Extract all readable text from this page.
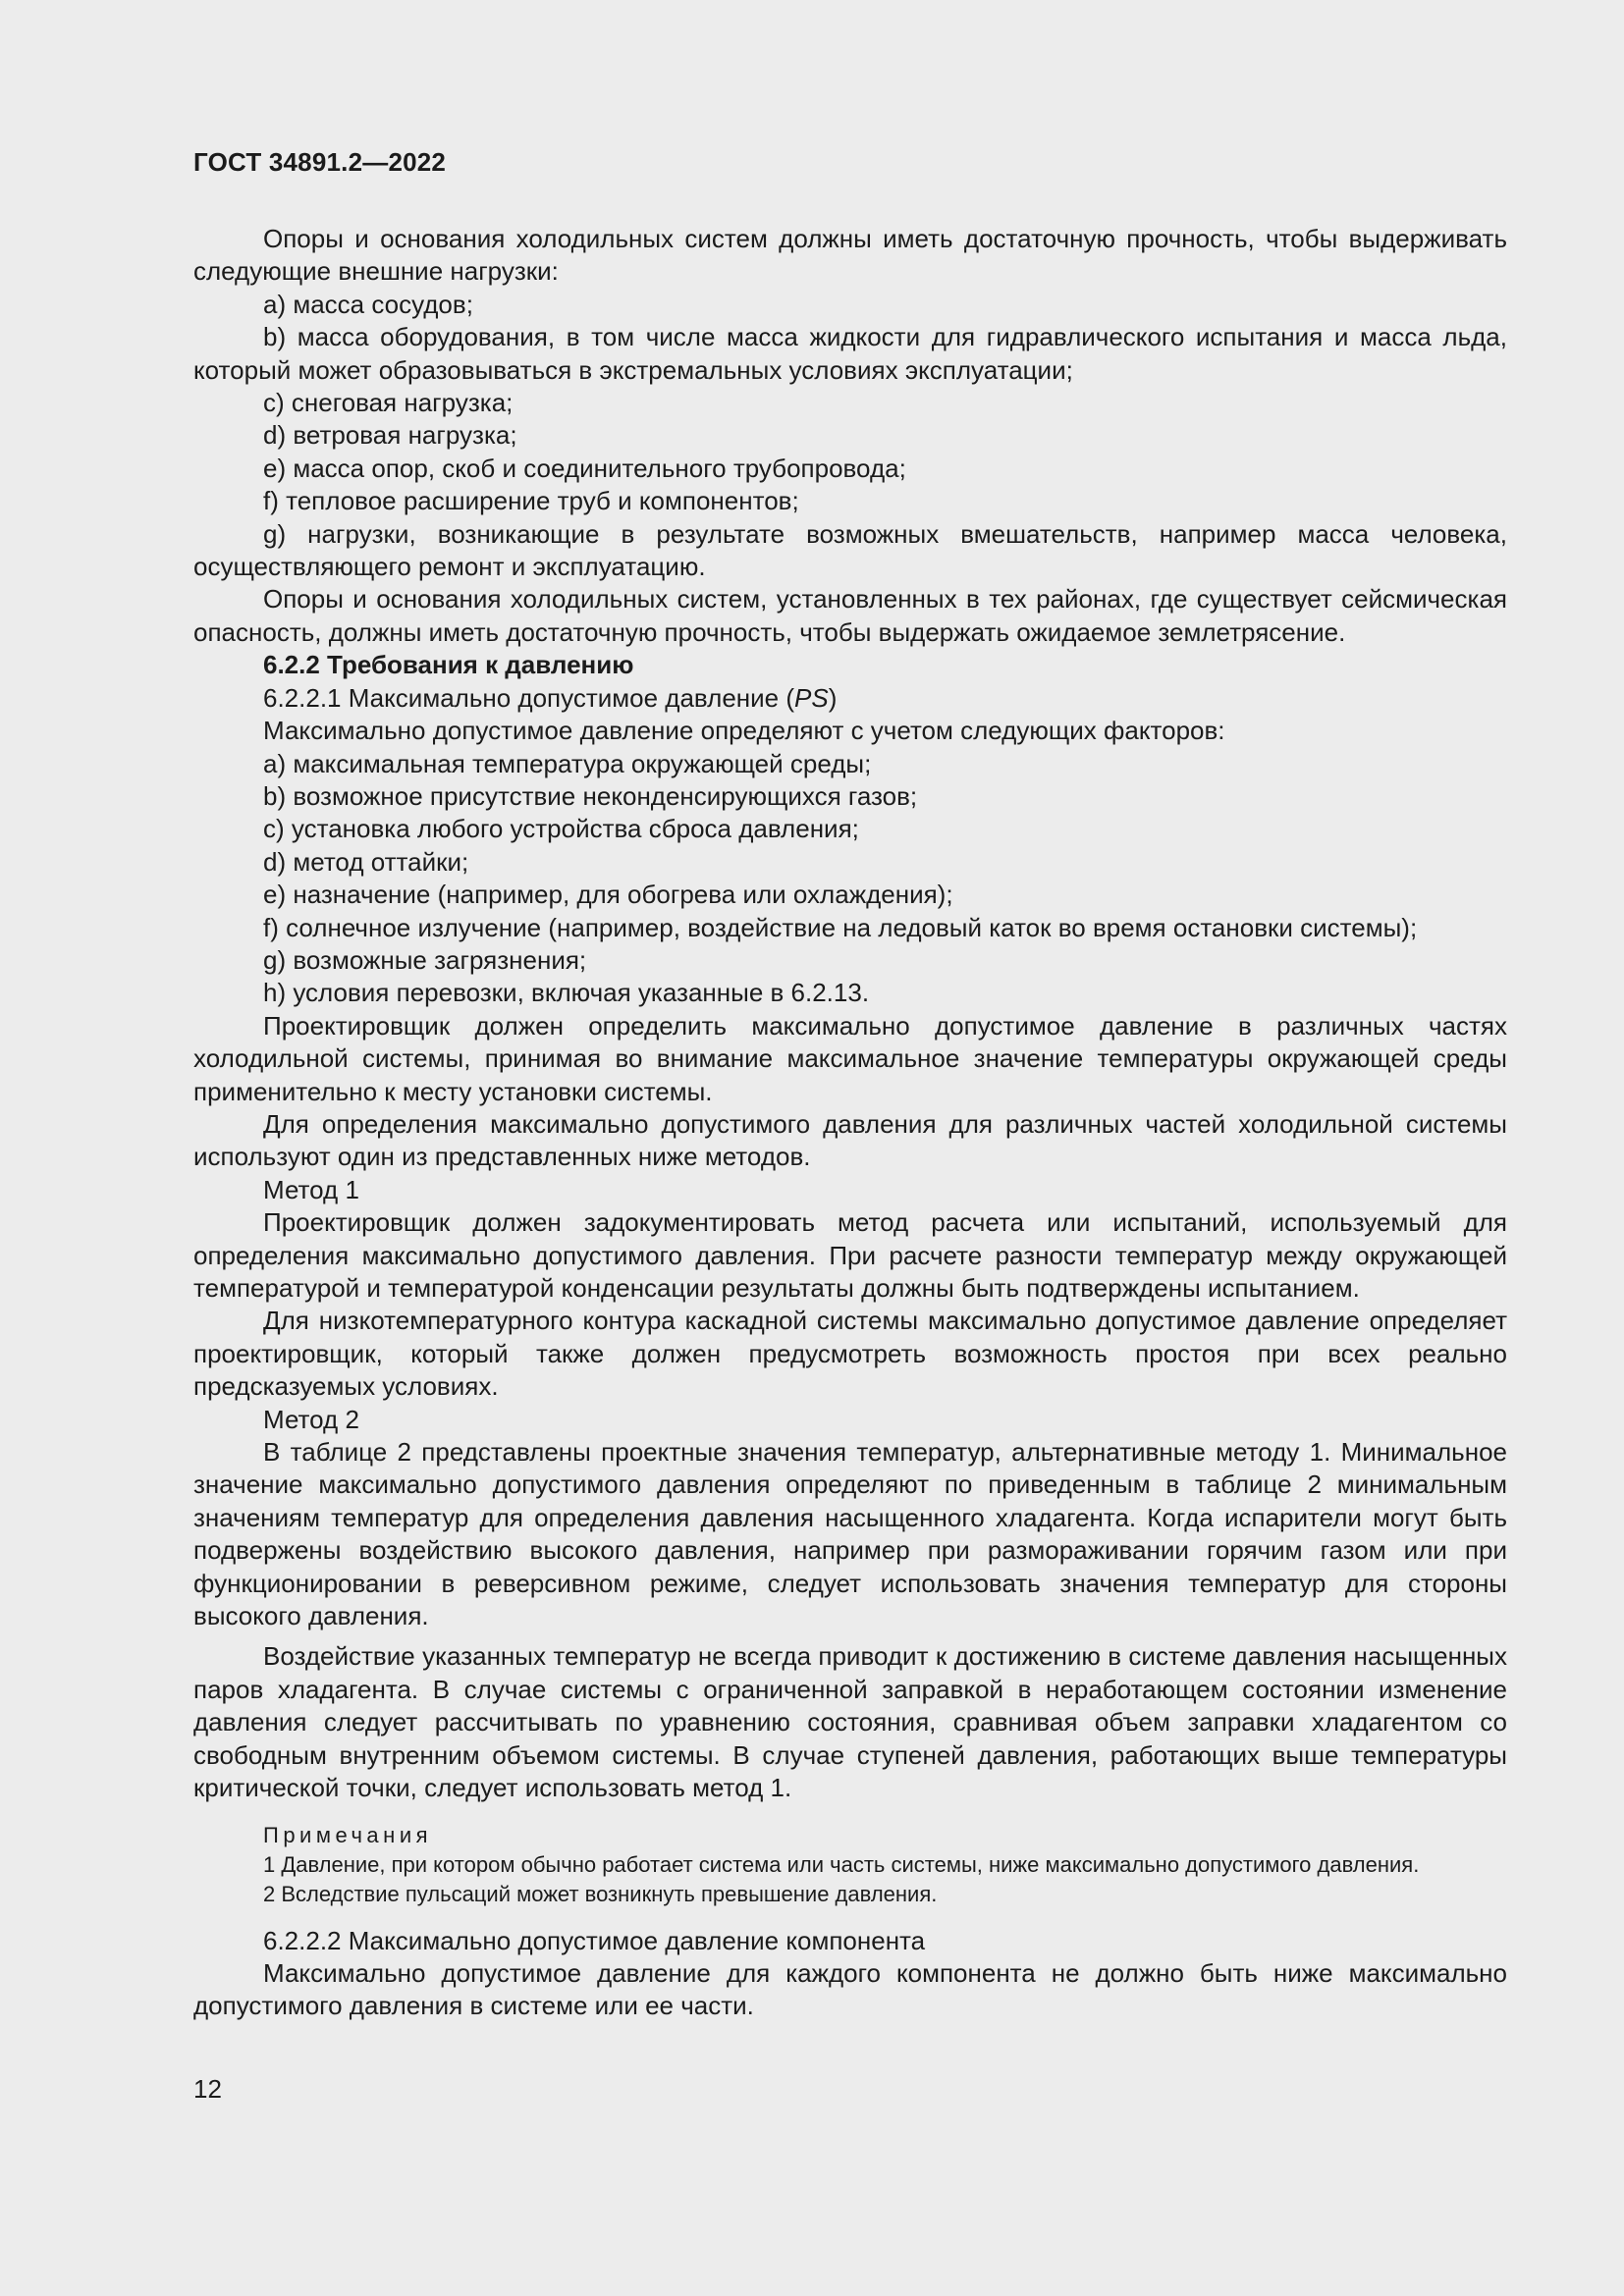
ГОСТ 34891.2—2022

Опоры и основания холодильных систем должны иметь достаточную прочность, чтобы выдерживать следующие внешние нагрузки:

a) масса сосудов;

b) масса оборудования, в том числе масса жидкости для гидравлического испытания и масса льда, который может образовываться в экстремальных условиях эксплуатации;

c) снеговая нагрузка;

d) ветровая нагрузка;

e) масса опор, скоб и соединительного трубопровода;

f) тепловое расширение труб и компонентов;

g) нагрузки, возникающие в результате возможных вмешательств, например масса человека, осуществляющего ремонт и эксплуатацию.

Опоры и основания холодильных систем, установленных в тех районах, где существует сейсмическая опасность, должны иметь достаточную прочность, чтобы выдержать ожидаемое землетрясение.

6.2.2 Требования к давлению

6.2.2.1 Максимально допустимое давление (PS)

Максимально допустимое давление определяют с учетом следующих факторов:

a) максимальная температура окружающей среды;

b) возможное присутствие неконденсирующихся газов;

c) установка любого устройства сброса давления;

d) метод оттайки;

e) назначение (например, для обогрева или охлаждения);

f) солнечное излучение (например, воздействие на ледовый каток во время остановки системы);

g) возможные загрязнения;

h) условия перевозки, включая указанные в 6.2.13.

Проектировщик должен определить максимально допустимое давление в различных частях холодильной системы, принимая во внимание максимальное значение температуры окружающей среды применительно к месту установки системы.

Для определения максимально допустимого давления для различных частей холодильной системы используют один из представленных ниже методов.

Метод 1

Проектировщик должен задокументировать метод расчета или испытаний, используемый для определения максимально допустимого давления. При расчете разности температур между окружающей температурой и температурой конденсации результаты должны быть подтверждены испытанием.

Для низкотемпературного контура каскадной системы максимально допустимое давление определяет проектировщик, который также должен предусмотреть возможность простоя при всех реально предсказуемых условиях.

Метод 2

В таблице 2 представлены проектные значения температур, альтернативные методу 1. Минимальное значение максимально допустимого давления определяют по приведенным в таблице 2 минимальным значениям температур для определения давления насыщенного хладагента. Когда испарители могут быть подвержены воздействию высокого давления, например при размораживании горячим газом или при функционировании в реверсивном режиме, следует использовать значения температур для стороны высокого давления.

Воздействие указанных температур не всегда приводит к достижению в системе давления насыщенных паров хладагента. В случае системы с ограниченной заправкой в неработающем состоянии изменение давления следует рассчитывать по уравнению состояния, сравнивая объем заправки хладагентом со свободным внутренним объемом системы. В случае ступеней давления, работающих выше температуры критической точки, следует использовать метод 1.

Примечания

1 Давление, при котором обычно работает система или часть системы, ниже максимально допустимого давления.

2 Вследствие пульсаций может возникнуть превышение давления.

6.2.2.2 Максимально допустимое давление компонента

Максимально допустимое давление для каждого компонента не должно быть ниже максимально допустимого давления в системе или ее части.

12
